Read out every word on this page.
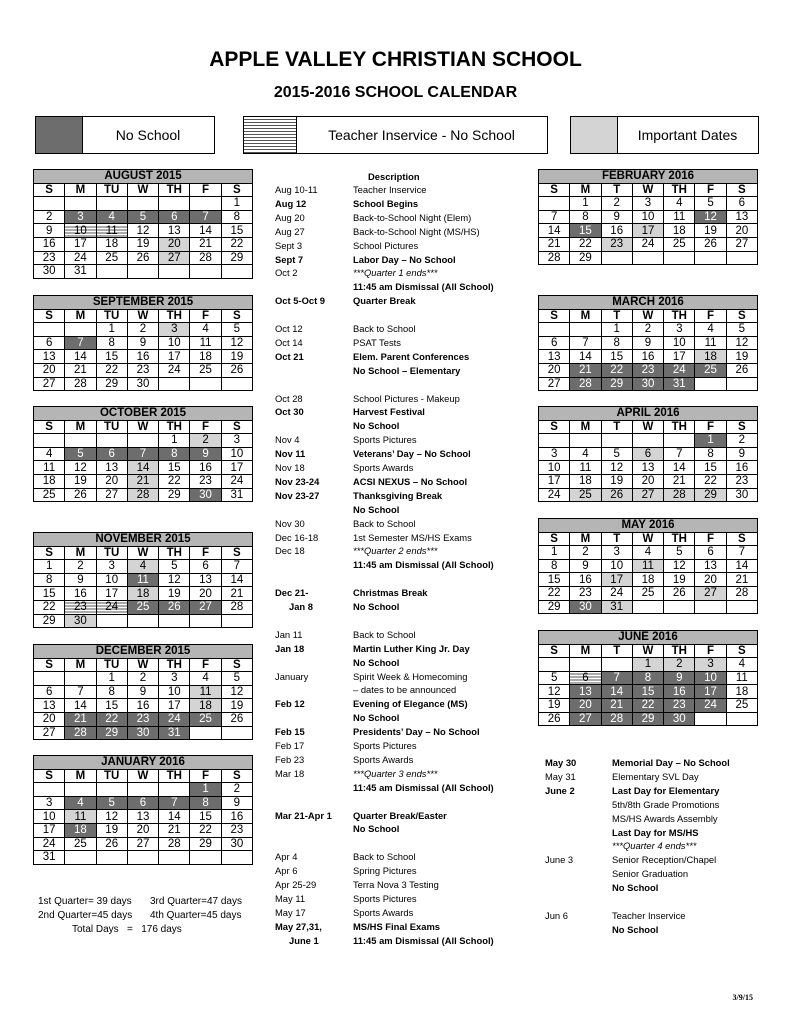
APPLE VALLEY CHRISTIAN SCHOOL
2015-2016 SCHOOL CALENDAR
No School	Teacher Inservice - No School	Important Dates
Description
AUGUST 2015						
S	M	TU	W	TH	F	S
						1
2	3	4	5	6	7	8
9	10	11	12	13	14	15
16	17	18	19	20	21	22
23	24	25	26	27	28	29
30	31					
SEPTEMBER 2015						
S	M	TU	W	TH	F	S
		1	2	3	4	5
6	7	8	9	10	11	12
13	14	15	16	17	18	19
20	21	22	23	24	25	26
27	28	29	30			
OCTOBER 2015						
S	M	TU	W	TH	F	S
				1	2	3
4	5	6	7	8	9	10
11	12	13	14	15	16	17
18	19	20	21	22	23	24
25	26	27	28	29	30	31
NOVEMBER 2015						
S	M	TU	W	TH	F	S
1	2	3	4	5	6	7
8	9	10	11	12	13	14
15	16	17	18	19	20	21
22	23	24	25	26	27	28
29	30					
DECEMBER 2015						
S	M	TU	W	TH	F	S
		1	2	3	4	5
6	7	8	9	10	11	12
13	14	15	16	17	18	19
20	21	22	23	24	25	26
27	28	29	30	31		
JANUARY 2016						
S	M	TU	W	TH	F	S
					1	2
3	4	5	6	7	8	9
10	11	12	13	14	15	16
17	18	19	20	21	22	23
24	25	26	27	28	29	30
31						
FEBRUARY 2016						
S	M	T	W	TH	F	S
	1	2	3	4	5	6
7	8	9	10	11	12	13
14	15	16	17	18	19	20
21	22	23	24	25	26	27
28	29					
MARCH 2016						
S	M	T	W	TH	F	S
		1	2	3	4	5
6	7	8	9	10	11	12
13	14	15	16	17	18	19
20	21	22	23	24	25	26
27	28	29	30	31		
APRIL 2016						
S	M	T	W	TH	F	S
					1	2
3	4	5	6	7	8	9
10	11	12	13	14	15	16
17	18	19	20	21	22	23
24	25	26	27	28	29	30
MAY 2016						
S	M	T	W	TH	F	S
1	2	3	4	5	6	7
8	9	10	11	12	13	14
15	16	17	18	19	20	21
22	23	24	25	26	27	28
29	30	31				
JUNE 2016						
S	M	T	W	TH	F	S
			1	2	3	4
5	6	7	8	9	10	11
12	13	14	15	16	17	18
19	20	21	22	23	24	25
26	27	28	29	30		
Aug 10-11	Teacher Inservice
Aug 12	School Begins
Aug 20	Back-to-School Night (Elem)
Aug 27	Back-to-School Night (MS/HS)
Sept 3	School Pictures
Sept 7	Labor Day – No School
Oct 2	***Quarter 1 ends***
11:45 am Dismissal (All School)
Oct 5-Oct 9	Quarter Break
Oct 12	Back to School
Oct 14	PSAT Tests
Oct 21	Elem. Parent Conferences
No School – Elementary
Oct 28	School Pictures - Makeup
Oct 30	Harvest Festival
No School
Nov 4	Sports Pictures
Nov 11	Veterans’ Day – No School
Nov 18	Sports Awards
Nov 23-24	ACSI NEXUS – No School
Nov 23-27	Thanksgiving Break
No School
Nov 30	Back to School
Dec 16-18	1st Semester MS/HS Exams
Dec 18	***Quarter 2 ends***
11:45 am Dismissal (All School)
Dec 21-	Christmas Break
Jan 8	No School
Jan 11	Back to School
Jan 18	Martin Luther King Jr. Day
No School
January	Spirit Week & Homecoming
– dates to be announced
Feb 12	Evening of Elegance (MS)
No School
Feb 15	Presidents’ Day – No School
Feb 17	Sports Pictures
Feb 23	Sports Awards
Mar 18	***Quarter 3 ends***
11:45 am Dismissal (All School)
Mar 21-Apr 1 Quarter Break/Easter
No School
Apr 4	Back to School
Apr 6	Spring Pictures
Apr 25-29	Terra Nova 3 Testing
May 11	Sports Pictures
May 17	Sports Awards
May 27,31,	MS/HS Final Exams
June 1	11:45 am Dismissal (All School)
May 30	Memorial Day – No School
May 31	Elementary SVL Day
June 2	Last Day for Elementary
5th/8th Grade Promotions
MS/HS Awards Assembly
Last Day for MS/HS
***Quarter 4 ends***
June 3	Senior Reception/Chapel
Senior Graduation
No School
Jun 6	Teacher Inservice
No School
1st Quarter= 39 days 3rd Quarter=47 days
2nd Quarter=45 days 4th Quarter=45 days
Total Days   =   176 days
3/9/15
